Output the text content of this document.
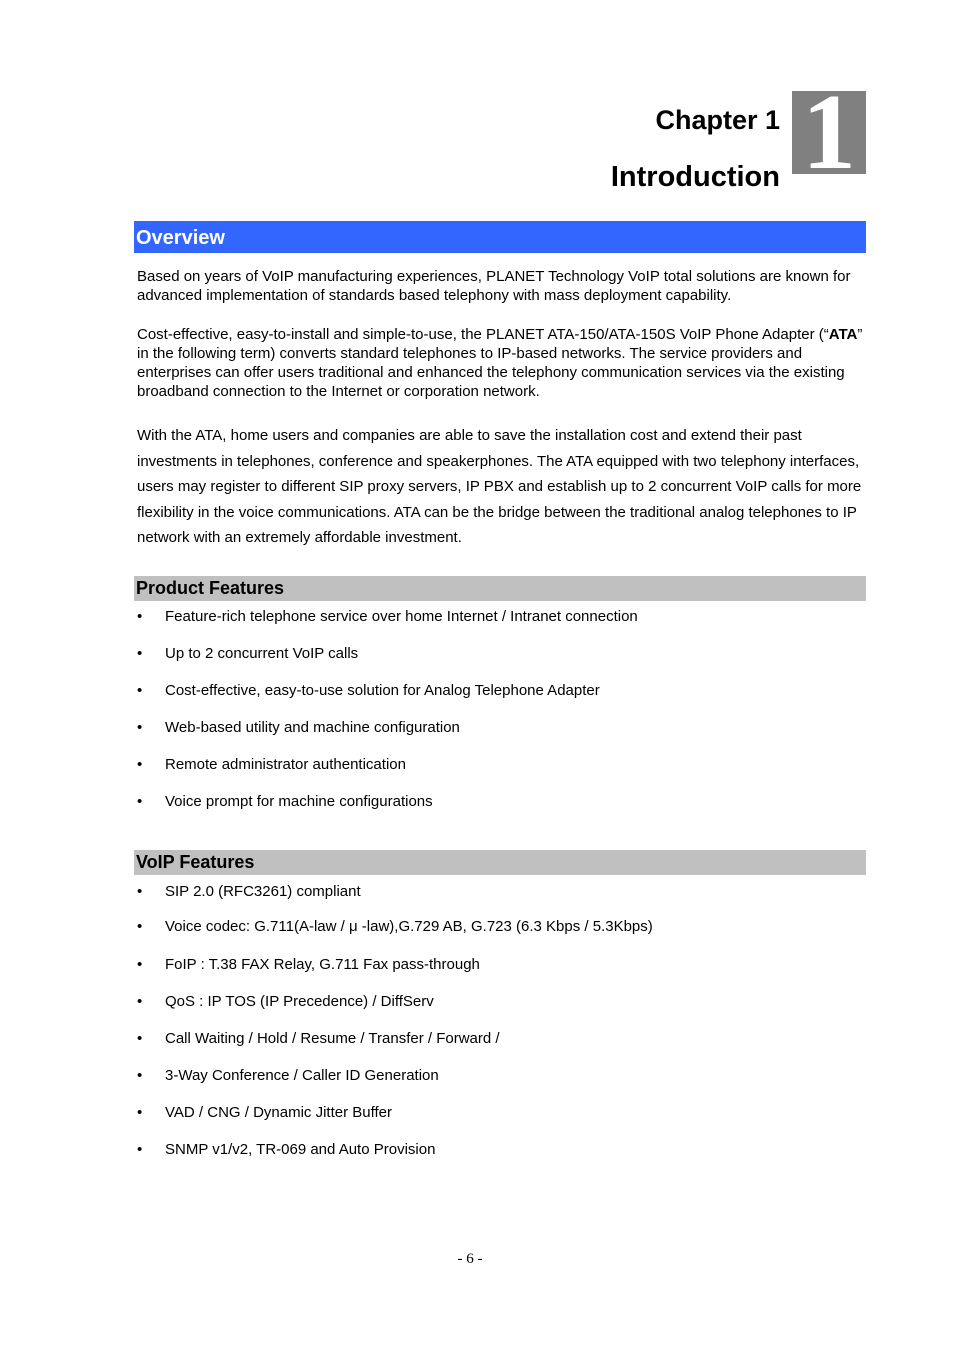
Chapter 1
Introduction 1
Overview

Based on years of VoIP manufacturing experiences, PLANET Technology VoIP total solutions are known for advanced implementation of standards based telephony with mass deployment capability.

Cost-effective, easy-to-install and simple-to-use, the PLANET ATA-150/ATA-150S VoIP Phone Adapter (“ATA” in the following term) converts standard telephones to IP-based networks. The service providers and enterprises can offer users traditional and enhanced the telephony communication services via the existing broadband connection to the Internet or corporation network.

With the ATA, home users and companies are able to save the installation cost and extend their past investments in telephones, conference and speakerphones. The ATA equipped with two telephony interfaces, users may register to different SIP proxy servers, IP PBX and establish up to 2 concurrent VoIP calls for more flexibility in the voice communications. ATA can be the bridge between the traditional analog telephones to IP network with an extremely affordable investment.

Product Features
• Feature-rich telephone service over home Internet / Intranet connection
• Up to 2 concurrent VoIP calls
• Cost-effective, easy-to-use solution for Analog Telephone Adapter
• Web-based utility and machine configuration
• Remote administrator authentication
• Voice prompt for machine configurations
VoIP Features
• SIP 2.0 (RFC3261) compliant
• Voice codec: G.711(A-law / μ -law),G.729 AB, G.723 (6.3 Kbps / 5.3Kbps)
• FoIP : T.38 FAX Relay, G.711 Fax pass-through
• QoS : IP TOS (IP Precedence) / DiffServ
• Call Waiting / Hold / Resume / Transfer / Forward /
• 3-Way Conference / Caller ID Generation
• VAD / CNG / Dynamic Jitter Buffer
• SNMP v1/v2, TR-069 and Auto Provision
- 6 -
